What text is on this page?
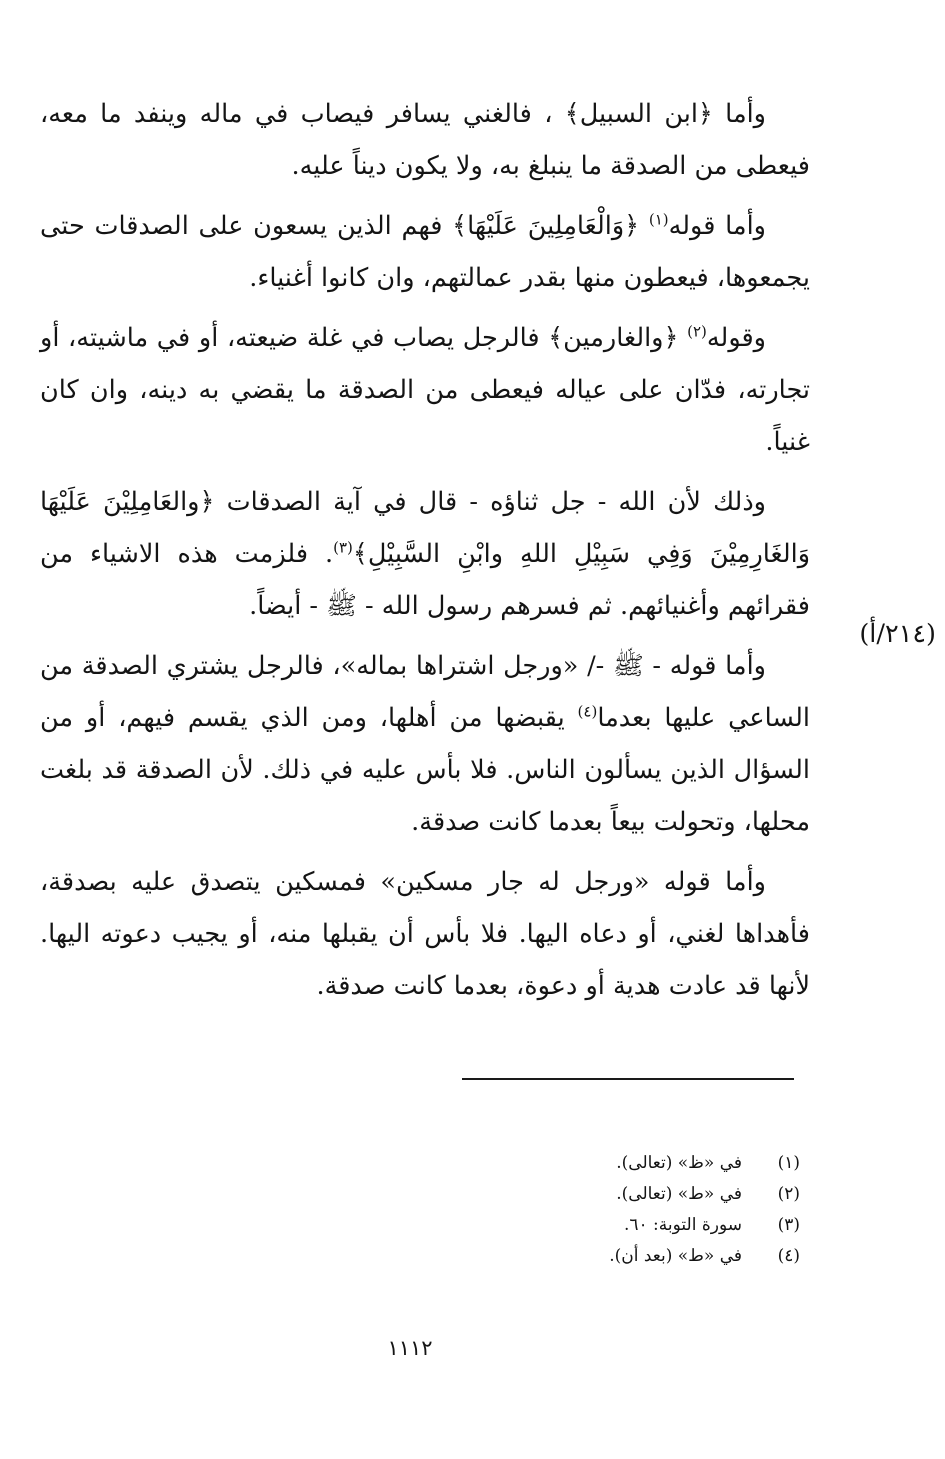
وأما ﴿ابن السبيل﴾ ، فالغني يسافر فيصاب في ماله وينفد ما معه، فيعطى من الصدقة ما ينبلغ به، ولا يكون ديناً عليه.

وأما قوله$^{(١)}$ ﴿وَالْعَامِلِينَ عَلَيْهَا﴾ فهم الذين يسعون على الصدقات حتى يجمعوها، فيعطون منها بقدر عمالتهم، وان كانوا أغنياء.

وقوله$^{(٢)}$ ﴿والغارمين﴾ فالرجل يصاب في غلة ضيعته، أو في ماشيته، أو تجارته، فدّان على عياله فيعطى من الصدقة ما يقضي به دينه، وان كان غنياً.

وذلك لأن الله - جل ثناؤه - قال في آية الصدقات ﴿والعَامِلِيْنَ عَلَيْهَا وَالغَارِمِيْنَ وَفِي سَبِيْلِ اللهِ وابْنِ السَّبِيْلِ﴾$^{(٣)}$. فلزمت هذه الاشياء من فقرائهم وأغنيائهم. ثم فسرهم رسول الله - ﷺ - أيضاً.

وأما قوله - ﷺ -/ «ورجل اشتراها بماله»، فالرجل يشتري الصدقة من الساعي عليها بعدما$^{(٤)}$ يقبضها من أهلها، ومن الذي يقسم فيهم، أو من السؤال الذين يسألون الناس. فلا بأس عليه في ذلك. لأن الصدقة قد بلغت محلها، وتحولت بيعاً بعدما كانت صدقة.

وأما قوله «ورجل له جار مسكين» فمسكين يتصدق عليه بصدقة، فأهداها لغني، أو دعاه اليها. فلا بأس أن يقبلها منه، أو يجيب دعوته اليها. لأنها قد عادت هدية أو دعوة، بعدما كانت صدقة.

(٢١٤/أ)
(١)
في «ظ» (تعالى).
(٢)
في «ط» (تعالى).
(٣)
سورة التوبة: ٦٠.
(٤)
في «ط» (بعد أن).
١١١٢
